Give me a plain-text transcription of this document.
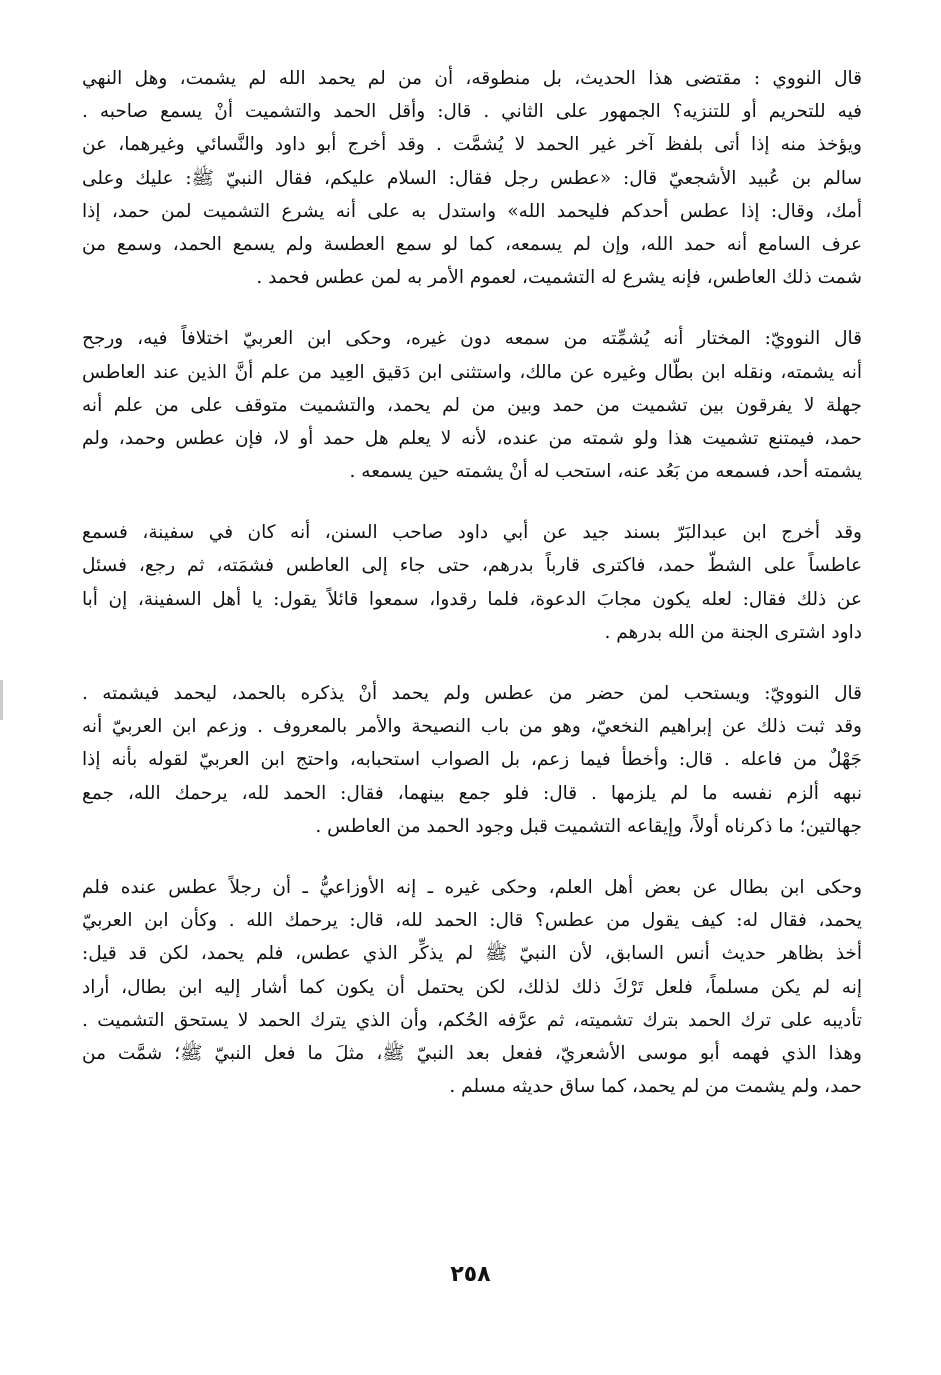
قال النووي : مقتضى هذا الحديث، بل منطوقه، أن من لم يحمد الله لم يشمت، وهل النهي
فيه للتحريم أو للتنزيه؟ الجمهور على الثاني . قال: وأقل الحمد والتشميت أنْ يسمع صاحبه .
ويؤخذ منه إذا أتى بلفظ آخر غير الحمد لا يُشمَّت . وقد أخرج أبو داود والنَّسائي وغيرهما، عن
سالم بن عُبيد الأشجعيّ قال: «عطس رجل فقال: السلام عليكم، فقال النبيّ ﷺ: عليك وعلى
أمك، وقال: إذا عطس أحدكم فليحمد الله» واستدل به على أنه يشرع التشميت لمن حمد، إذا
عرف السامع أنه حمد الله، وإن لم يسمعه، كما لو سمع العطسة ولم يسمع الحمد، وسمع من
شمت ذلك العاطس، فإنه يشرع له التشميت، لعموم الأمر به لمن عطس فحمد .
قال النوويّ: المختار أنه يُشمِّته من سمعه دون غيره، وحكى ابن العربيّ اختلافاً فيه، ورجح
أنه يشمته، ونقله ابن بطّال وغيره عن مالك، واستثنى ابن دَقيق العِيد من علم أنَّ الذين عند العاطس
جهلة لا يفرقون بين تشميت من حمد وبين من لم يحمد، والتشميت متوقف على من علم أنه
حمد، فيمتنع تشميت هذا ولو شمته من عنده، لأنه لا يعلم هل حمد أو لا، فإن عطس وحمد، ولم
يشمته أحد، فسمعه من بَعُد عنه، استحب له أنْ يشمته حين يسمعه .
وقد أخرج ابن عبدالبَرّ بسند جيد عن أبي داود صاحب السنن، أنه كان في سفينة، فسمع
عاطساً على الشطّ حمد، فاكترى قارباً بدرهم، حتى جاء إلى العاطس فشمَته، ثم رجع، فسئل
عن ذلك فقال: لعله يكون مجابَ الدعوة، فلما رقدوا، سمعوا قائلاً يقول: يا أهل السفينة، إن أبا
داود اشترى الجنة من الله بدرهم .
قال النوويّ: ويستحب لمن حضر من عطس ولم يحمد أنْ يذكره بالحمد، ليحمد فيشمته .
وقد ثبت ذلك عن إبراهيم النخعيّ، وهو من باب النصيحة والأمر بالمعروف . وزعم ابن العربيّ أنه
جَهْلٌ من فاعله . قال: وأخطأ فيما زعم، بل الصواب استحبابه، واحتج ابن العربيّ لقوله بأنه إذا
نبهه ألزم نفسه ما لم يلزمها . قال: فلو جمع بينهما، فقال: الحمد لله، يرحمك الله، جمع
جهالتين؛ ما ذكرناه أولاً، وإيقاعه التشميت قبل وجود الحمد من العاطس .
وحكى ابن بطال عن بعض أهل العلم، وحكى غيره ـ إنه الأوزاعيُّ ـ أن رجلاً عطس عنده فلم
يحمد، فقال له: كيف يقول من عطس؟ قال: الحمد لله، قال: يرحمك الله . وكأن ابن العربيّ
أخذ بظاهر حديث أنس السابق، لأن النبيّ ﷺ لم يذكِّر الذي عطس، فلم يحمد، لكن قد قيل:
إنه لم يكن مسلماً، فلعل تَرْكَ ذلك لذلك، لكن يحتمل أن يكون كما أشار إليه ابن بطال، أراد
تأديبه على ترك الحمد بترك تشميته، ثم عرَّفه الحُكم، وأن الذي يترك الحمد لا يستحق التشميت .
وهذا الذي فهمه أبو موسى الأشعريّ، ففعل بعد النبيّ ﷺ، مثلَ ما فعل النبيّ ﷺ؛ شمَّت من
حمد، ولم يشمت من لم يحمد، كما ساق حديثه مسلم .
٢٥٨
